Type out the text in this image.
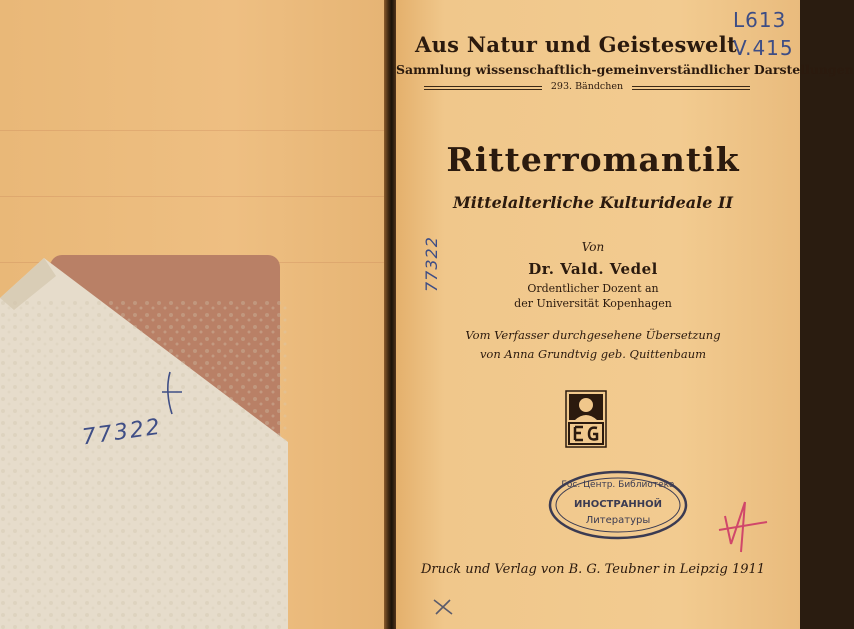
77322
Aus Natur und Geisteswelt
Sammlung wissenschaftlich-gemeinverständlicher Darstellungen
293. Bändchen
Ritterromantik
Mittelalterliche Kulturideale II
Von
Dr. Vald. Vedel
Ordentlicher Dozent an
der Universität Kopenhagen
Vom Verfasser durchgesehene Übersetzung
von Anna Grundtvig geb. Quittenbaum
Гос. Центр. Библиотека
ИНОСТРАННОЙ
Литературы
Druck und Verlag von B. G. Teubner in Leipzig 1911
L613
V.415
77322
